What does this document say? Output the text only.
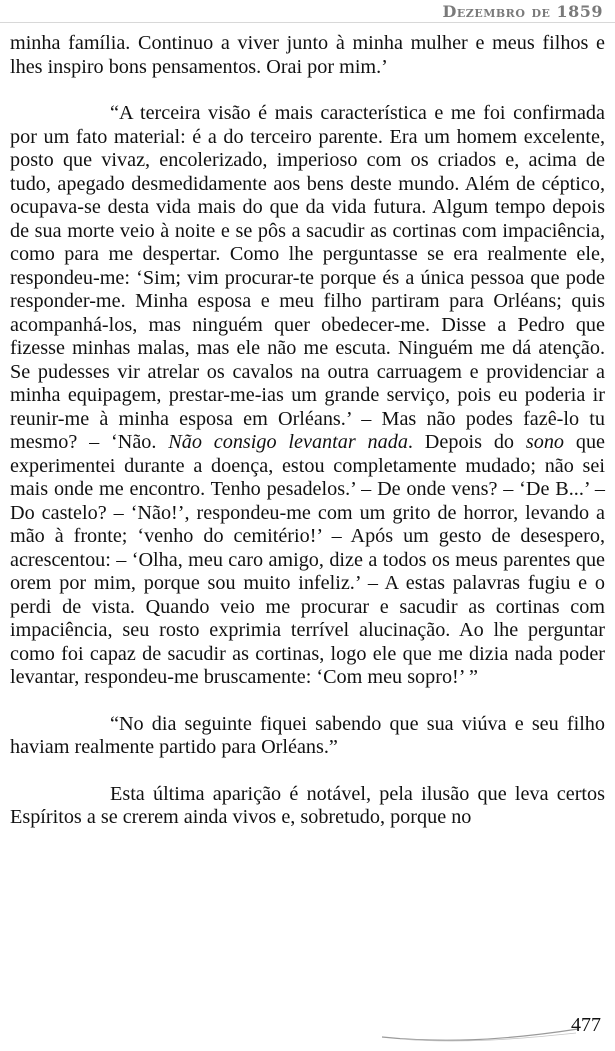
Dezembro de 1859

minha família. Continuo a viver junto à minha mulher e meus filhos e lhes inspiro bons pensamentos. Orai por mim.’

“A terceira visão é mais característica e me foi confirmada por um fato material: é a do terceiro parente. Era um homem excelente, posto que vivaz, encolerizado, imperioso com os criados e, acima de tudo, apegado desmedidamente aos bens deste mundo. Além de céptico, ocupava-se desta vida mais do que da vida futura. Algum tempo depois de sua morte veio à noite e se pôs a sacudir as cortinas com impaciência, como para me despertar. Como lhe perguntasse se era realmente ele, respondeu-me: ‘Sim; vim procurar-te porque és a única pessoa que pode responder-me. Minha esposa e meu filho partiram para Orléans; quis acompanhá-los, mas ninguém quer obedecer-me. Disse a Pedro que fizesse minhas malas, mas ele não me escuta. Ninguém me dá atenção. Se pudesses vir atrelar os cavalos na outra carruagem e providenciar a minha equipagem, prestar-me-ias um grande serviço, pois eu poderia ir reunir-me à minha esposa em Orléans.’ – Mas não podes fazê-lo tu mesmo? – ‘Não. Não consigo levantar nada. Depois do sono que experimentei durante a doença, estou completamente mudado; não sei mais onde me encontro. Tenho pesadelos.’ – De onde vens? – ‘De B...’ – Do castelo? – ‘Não!’, respondeu-me com um grito de horror, levando a mão à fronte; ‘venho do cemitério!’ – Após um gesto de desespero, acrescentou: – ‘Olha, meu caro amigo, dize a todos os meus parentes que orem por mim, porque sou muito infeliz.’ – A estas palavras fugiu e o perdi de vista. Quando veio me procurar e sacudir as cortinas com impaciência, seu rosto exprimia terrível alucinação. Ao lhe perguntar como foi capaz de sacudir as cortinas, logo ele que me dizia nada poder levantar, respondeu-me bruscamente: ‘Com meu sopro!’ ”

“No dia seguinte fiquei sabendo que sua viúva e seu filho haviam realmente partido para Orléans.”

Esta última aparição é notável, pela ilusão que leva certos Espíritos a se crerem ainda vivos e, sobretudo, porque no

477
